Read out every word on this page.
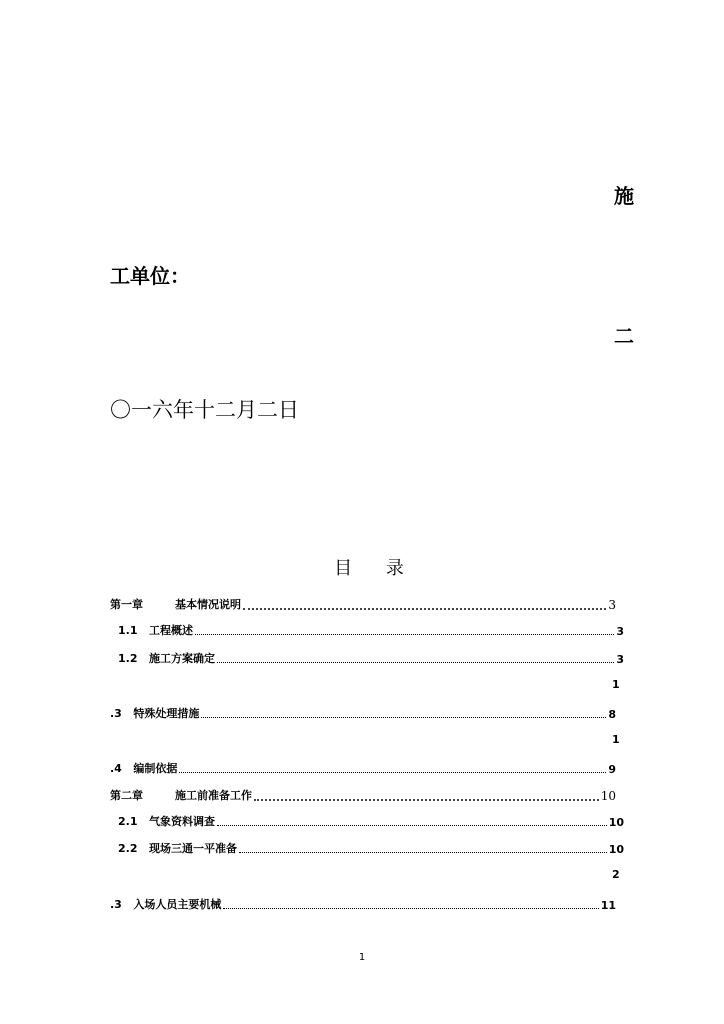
施
工单位：
二
〇一六年十二月二日
目 录
第一章	基本情况说明	3
1.1 工程概述	3
1.2 施工方案确定	3
1
.3 特殊处理措施	8
1
.4 编制依据	9
第二章	施工前准备工作	10
2.1 气象资料调查	10
2.2 现场三通一平准备	10
2
.3 入场人员主要机械	11
1
